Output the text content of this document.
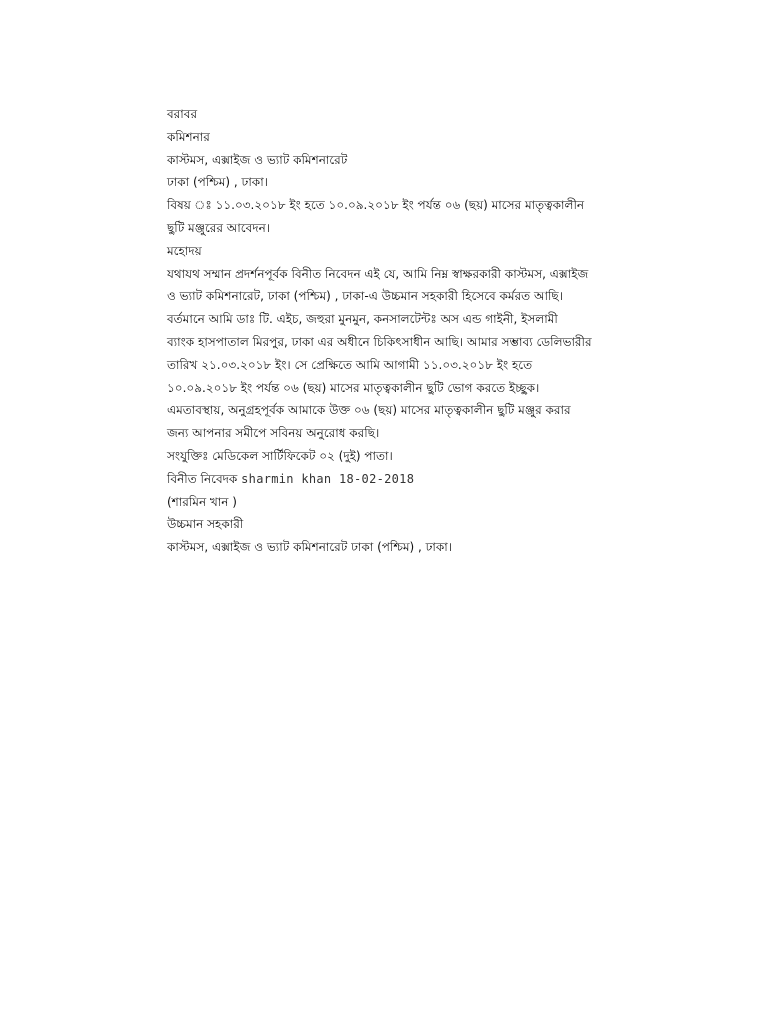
বরাবর
কমিশনার
কাস্টমস, এক্সাইজ ও ভ্যাট কমিশনারেট
ঢাকা (পশ্চিম) , ঢাকা।
বিষয় ঃ ১১.০৩.২০১৮ ইং হতে ১০.০৯.২০১৮ ইং পর্যন্ত ০৬ (ছয়) মাসের মাতৃত্বকালীন
ছুটি মঞ্জুরের আবেদন।
মহোদয়
যথাযথ সম্মান প্রদর্শনপূর্বক বিনীত নিবেদন এই যে, আমি নিম্ন স্বাক্ষরকারী কাস্টমস, এক্সাইজ
ও ভ্যাট কমিশনারেট, ঢাকা (পশ্চিম) , ঢাকা-এ উচ্চমান সহকারী হিসেবে কর্মরত আছি।
বর্তমানে আমি ডাঃ টি. এইচ, জহুরা মুনমুন, কনসালটেন্টঃ অস এন্ড গাইনী, ইসলামী
ব্যাংক হাসপাতাল মিরপুর, ঢাকা এর অধীনে চিকিৎসাধীন আছি। আমার সম্ভাব্য ডেলিভারীর
তারিখ ২১.০৩.২০১৮ ইং। সে প্রেক্ষিতে আমি আগামী ১১.০৩.২০১৮ ইং হতে
১০.০৯.২০১৮ ইং পর্যন্ত ০৬ (ছয়) মাসের মাতৃত্বকালীন ছুটি ভোগ করতে ইচ্ছুক।
এমতাবস্থায়, অনুগ্রহপূর্বক আমাকে উক্ত ০৬ (ছয়) মাসের মাতৃত্বকালীন ছুটি মঞ্জুর করার
জন্য আপনার সমীপে সবিনয় অনুরোধ করছি।
সংযুক্তিঃ মেডিকেল সার্টিফিকেট ০২ (দুই) পাতা।
বিনীত নিবেদক sharmin khan 18-02-2018
(শারমিন খান )
উচ্চমান সহকারী
কাস্টমস, এক্সাইজ ও ভ্যাট কমিশনারেট ঢাকা (পশ্চিম) , ঢাকা।
